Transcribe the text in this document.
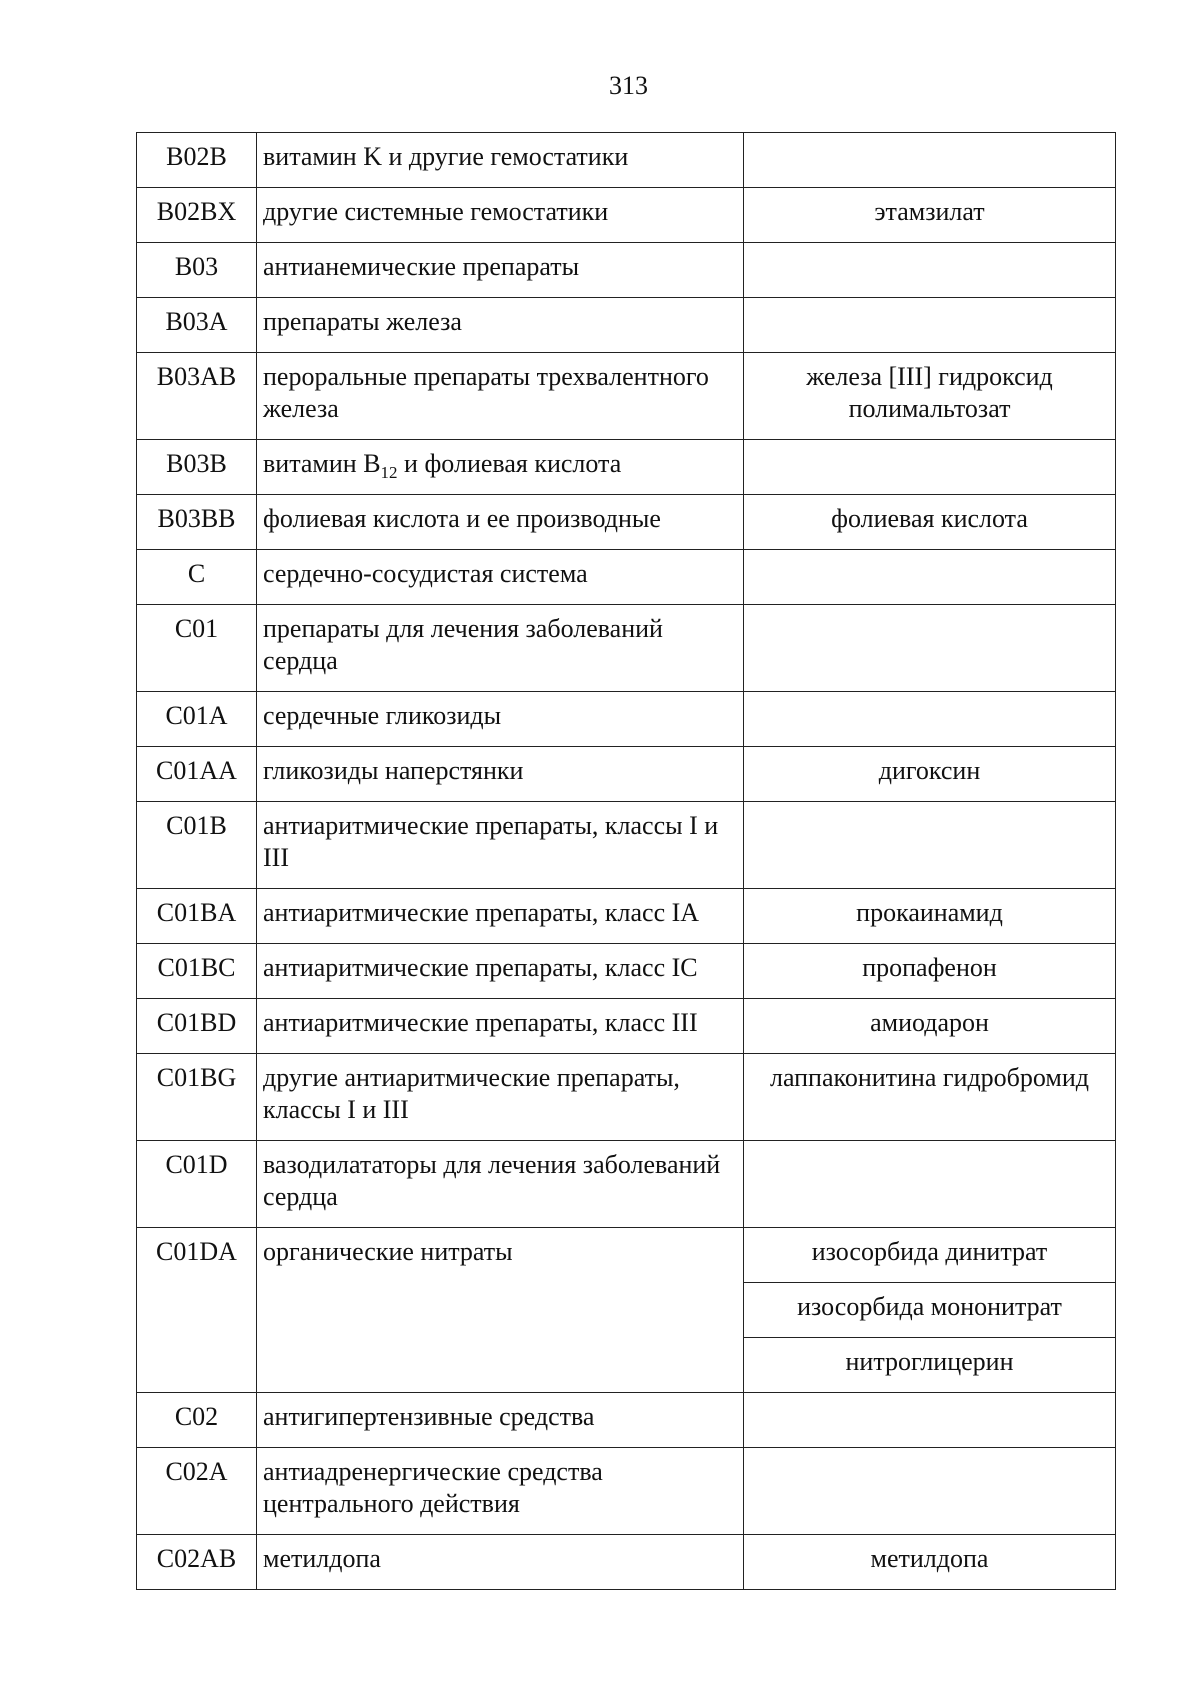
313
B02B	витамин K и другие гемостатики	
B02BX	другие системные гемостатики	этамзилат
B03	антианемические препараты	
B03A	препараты железа	
B03AB	пероральные препараты трехвалентного железа	железа [III] гидроксид полимальтозат
B03B	витамин $B_{12}$ и фолиевая кислота	
B03BB	фолиевая кислота и ее производные	фолиевая кислота
C	сердечно-сосудистая система	
C01	препараты для лечения заболеваний сердца	
C01A	сердечные гликозиды	
C01AA	гликозиды наперстянки	дигоксин
C01B	антиаритмические препараты, классы I и III	
C01BA	антиаритмические препараты, класс IA	прокаинамид
C01BC	антиаритмические препараты, класс IC	пропафенон
C01BD	антиаритмические препараты, класс III	амиодарон
C01BG	другие антиаритмические препараты, классы I и III	лаппаконитина гидробромид
C01D	вазодилататоры для лечения заболеваний сердца	
C01DA	органические нитраты	изосорбида динитрат
		изосорбида мононитрат
		нитроглицерин
C02	антигипертензивные средства	
C02A	антиадренергические средства центрального действия	
C02AB	метилдопа	метилдопа
